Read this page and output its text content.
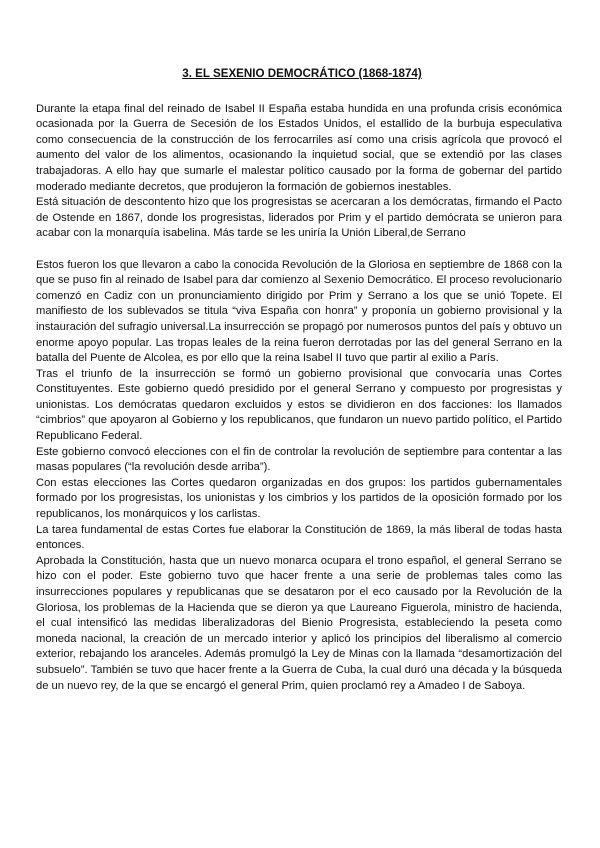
3. EL SEXENIO DEMOCRÁTICO (1868-1874)

Durante la etapa final del reinado de Isabel II España estaba hundida en una profunda crisis económica ocasionada por la Guerra de Secesión de los Estados Unidos, el estallido de la burbuja especulativa como consecuencia de la construcción de los ferrocarriles así como una crisis agrícola que provocó el aumento del valor de los alimentos, ocasionando la inquietud social, que se extendió por las clases trabajadoras. A ello hay que sumarle el malestar político causado por la forma de gobernar del partido moderado mediante decretos, que produjeron la formación de gobiernos inestables.

Está situación de descontento hizo que los progresistas se acercaran a los demócratas, firmando el Pacto de Ostende en 1867, donde los progresistas, liderados por Prim y el partido demócrata se unieron para acabar con la monarquía isabelina. Más tarde se les uniría la Unión Liberal,de Serrano

Estos fueron los que llevaron a cabo la conocida Revolución de la Gloriosa en septiembre de 1868 con la que se puso fin al reinado de Isabel para dar comienzo al Sexenio Democrático. El proceso revolucionario comenzó en Cadiz con un pronunciamiento dirigido por Prim y Serrano a los que se unió Topete. El manifiesto de los sublevados se titula “viva España con honra” y proponía un gobierno provisional y la instauración del sufragio universal.La insurrección se propagó por numerosos puntos del país y obtuvo un enorme apoyo popular. Las tropas leales de la reina fueron derrotadas por las del general Serrano en la batalla del Puente de Alcolea, es por ello que la reina Isabel II tuvo que partir al exilio a París.

Tras el triunfo de la insurrección se formó un gobierno provisional que convocaría unas Cortes Constituyentes. Este gobierno quedó presidido por el general Serrano y compuesto por progresistas y unionistas. Los demócratas quedaron excluidos y estos se dividieron en dos facciones: los llamados “cimbrios” que apoyaron al Gobierno y los republicanos, que fundaron un nuevo partido político, el Partido Republicano Federal.

Este gobierno convocó elecciones con el fin de controlar la revolución de septiembre para contentar a las masas populares (“la revolución desde arriba”).

Con estas elecciones las Cortes quedaron organizadas en dos grupos: los partidos gubernamentales formado por los progresistas, los unionistas y los cimbrios y los partidos de la oposición formado por los republicanos, los monárquicos y los carlistas.

La tarea fundamental de estas Cortes fue elaborar la Constitución de 1869, la más liberal de todas hasta entonces.

Aprobada la Constitución, hasta que un nuevo monarca ocupara el trono español, el general Serrano se hizo con el poder. Este gobierno tuvo que hacer frente a una serie de problemas tales como las insurrecciones populares y republicanas que se desataron por el eco causado por la Revolución de la Gloriosa, los problemas de la Hacienda que se dieron ya que Laureano Figuerola, ministro de hacienda, el cual intensificó las medidas liberalizadoras del Bienio Progresista, estableciendo la peseta como moneda nacional, la creación de un mercado interior y aplicó los principios del liberalismo al comercio exterior, rebajando los aranceles. Además promulgó la Ley de Minas con la llamada “desamortización del subsuelo”. También se tuvo que hacer frente a la Guerra de Cuba, la cual duró una década y la búsqueda de un nuevo rey, de la que se encargó el general Prim, quien proclamó rey a Amadeo I de Saboya.
